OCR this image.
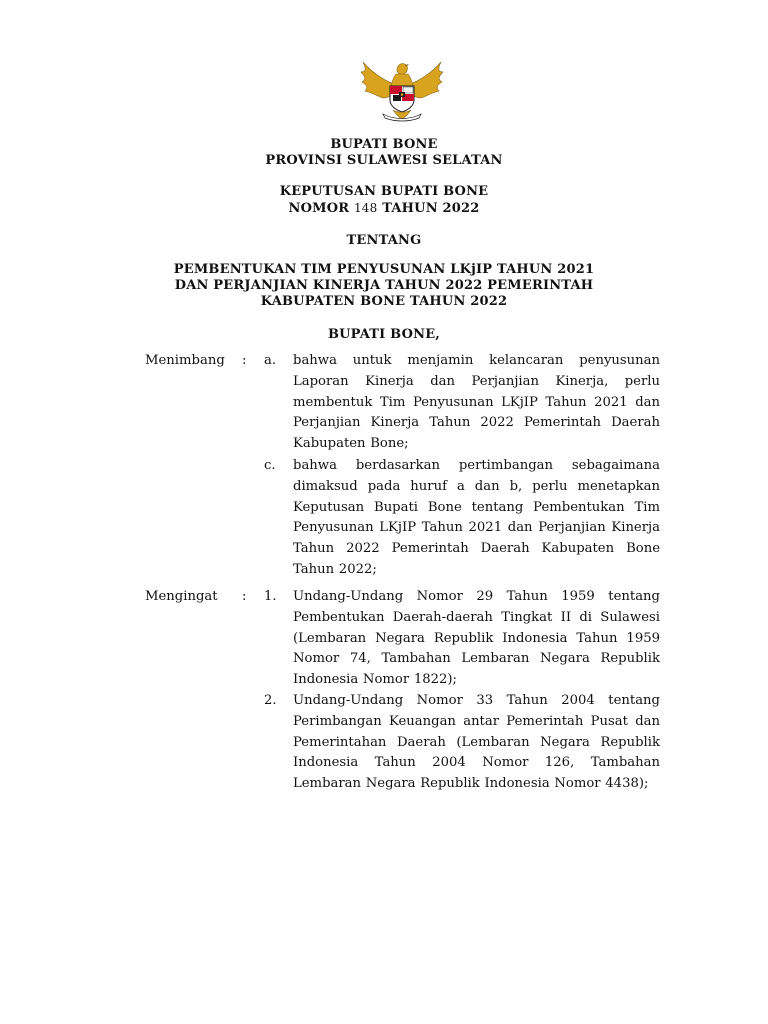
BUPATI BONE
PROVINSI SULAWESI SELATAN
KEPUTUSAN BUPATI BONE
NOMOR 148 TAHUN 2022
TENTANG
PEMBENTUKAN TIM PENYUSUNAN LKjIP TAHUN 2021
DAN PERJANJIAN KINERJA TAHUN 2022 PEMERINTAH
KABUPATEN BONE TAHUN 2022
BUPATI BONE,
Menimbang : a. bahwa untuk menjamin kelancaran penyusunan Laporan Kinerja dan Perjanjian Kinerja, perlu membentuk Tim Penyusunan LKjIP Tahun 2021 dan Perjanjian Kinerja Tahun 2022 Pemerintah Daerah Kabupaten Bone;
c. bahwa berdasarkan pertimbangan sebagaimana dimaksud pada huruf a dan b, perlu menetapkan Keputusan Bupati Bone tentang Pembentukan Tim Penyusunan LKjIP Tahun 2021 dan Perjanjian Kinerja Tahun 2022 Pemerintah Daerah Kabupaten Bone Tahun 2022;
Mengingat : 1. Undang-Undang Nomor 29 Tahun 1959 tentang Pembentukan Daerah-daerah Tingkat II di Sulawesi (Lembaran Negara Republik Indonesia Tahun 1959 Nomor 74, Tambahan Lembaran Negara Republik Indonesia Nomor 1822);
2. Undang-Undang Nomor 33 Tahun 2004 tentang Perimbangan Keuangan antar Pemerintah Pusat dan Pemerintahan Daerah (Lembaran Negara Republik Indonesia Tahun 2004 Nomor 126, Tambahan Lembaran Negara Republik Indonesia Nomor 4438);
